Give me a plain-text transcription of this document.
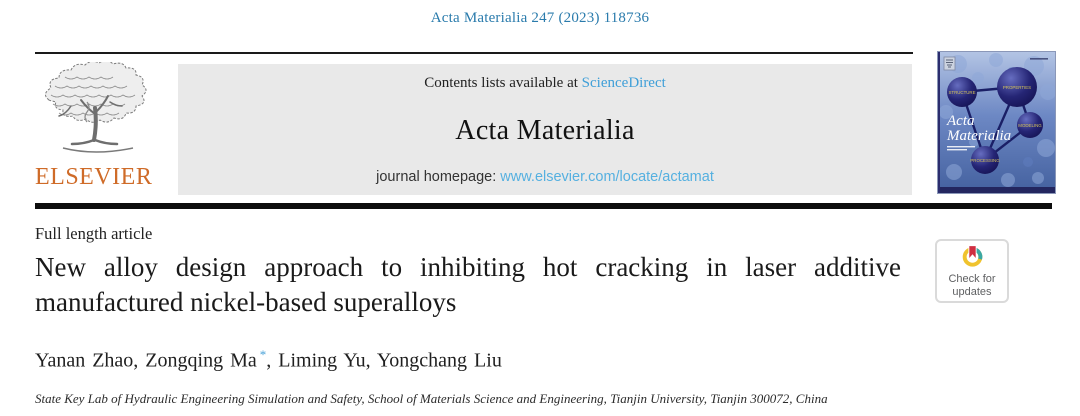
Acta Materialia 247 (2023) 118736
ELSEVIER
Contents lists available at ScienceDirect
Acta Materialia
journal homepage: www.elsevier.com/locate/actamat
STRUCTURE
PROPERTIES
MODELING
PROCESSING
Acta
Materialia
Full length article
New alloy design approach to inhibiting hot cracking in laser additive manufactured nickel-based superalloys
Yanan Zhao, Zongqing Ma *, Liming Yu, Yongchang Liu
State Key Lab of Hydraulic Engineering Simulation and Safety, School of Materials Science and Engineering, Tianjin University, Tianjin 300072, China
Check for
updates
